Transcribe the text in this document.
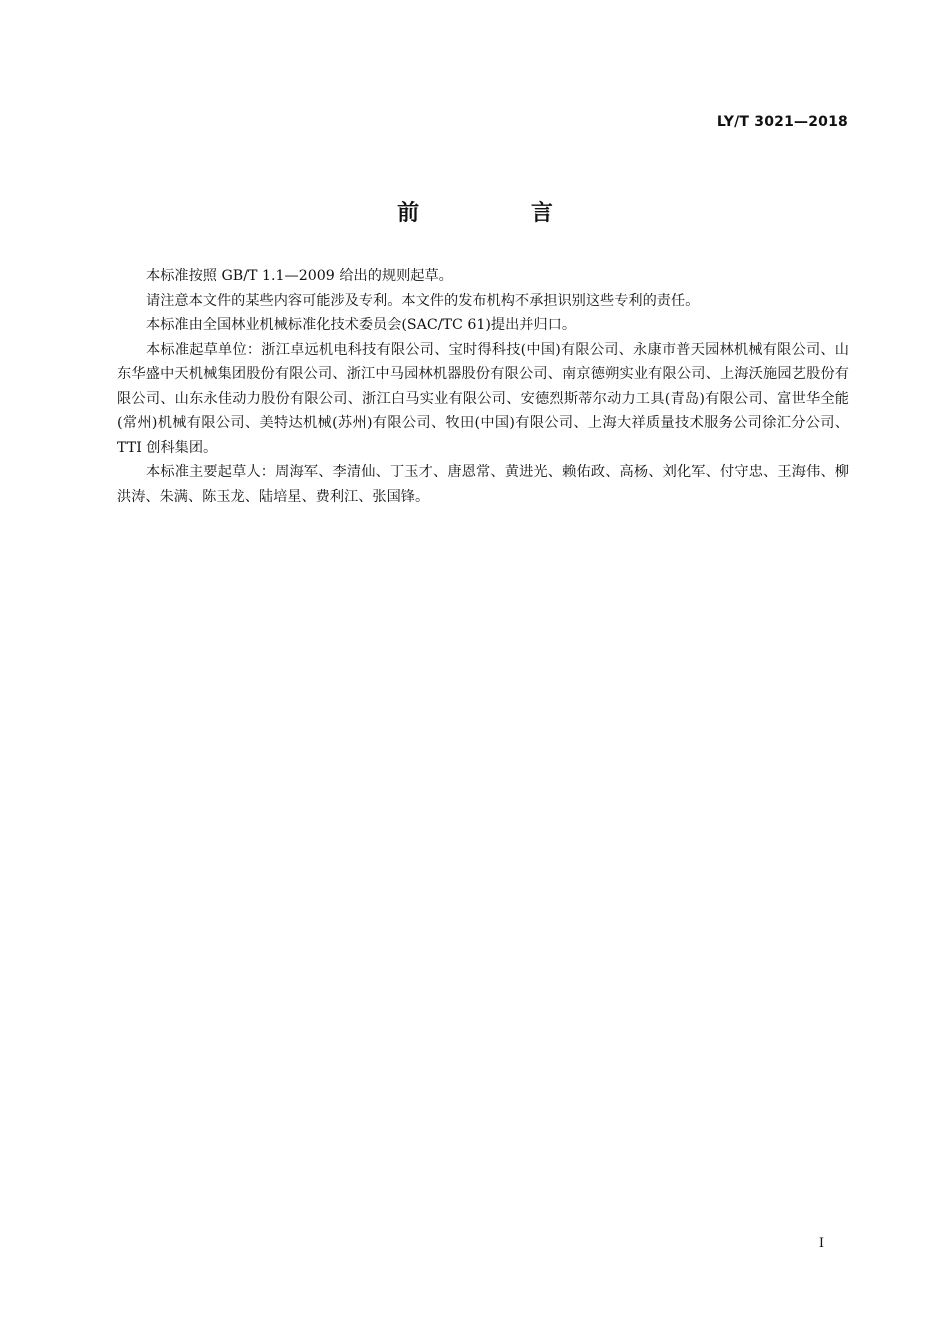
LY/T 3021—2018
前 言

本标准按照 GB/T 1.1—2009 给出的规则起草。

请注意本文件的某些内容可能涉及专利。本文件的发布机构不承担识别这些专利的责任。

本标准由全国林业机械标准化技术委员会(SAC/TC 61)提出并归口。

本标准起草单位：浙江卓远机电科技有限公司、宝时得科技(中国)有限公司、永康市普天园林机械有限公司、山东华盛中天机械集团股份有限公司、浙江中马园林机器股份有限公司、南京德朔实业有限公司、上海沃施园艺股份有限公司、山东永佳动力股份有限公司、浙江白马实业有限公司、安德烈斯蒂尔动力工具(青岛)有限公司、富世华全能(常州)机械有限公司、美特达机械(苏州)有限公司、牧田(中国)有限公司、上海大祥质量技术服务公司徐汇分公司、TTI 创科集团。

本标准主要起草人：周海军、李清仙、丁玉才、唐恩常、黄进光、赖佑政、高杨、刘化军、付守忠、王海伟、柳洪涛、朱满、陈玉龙、陆培星、费利江、张国锋。

I
